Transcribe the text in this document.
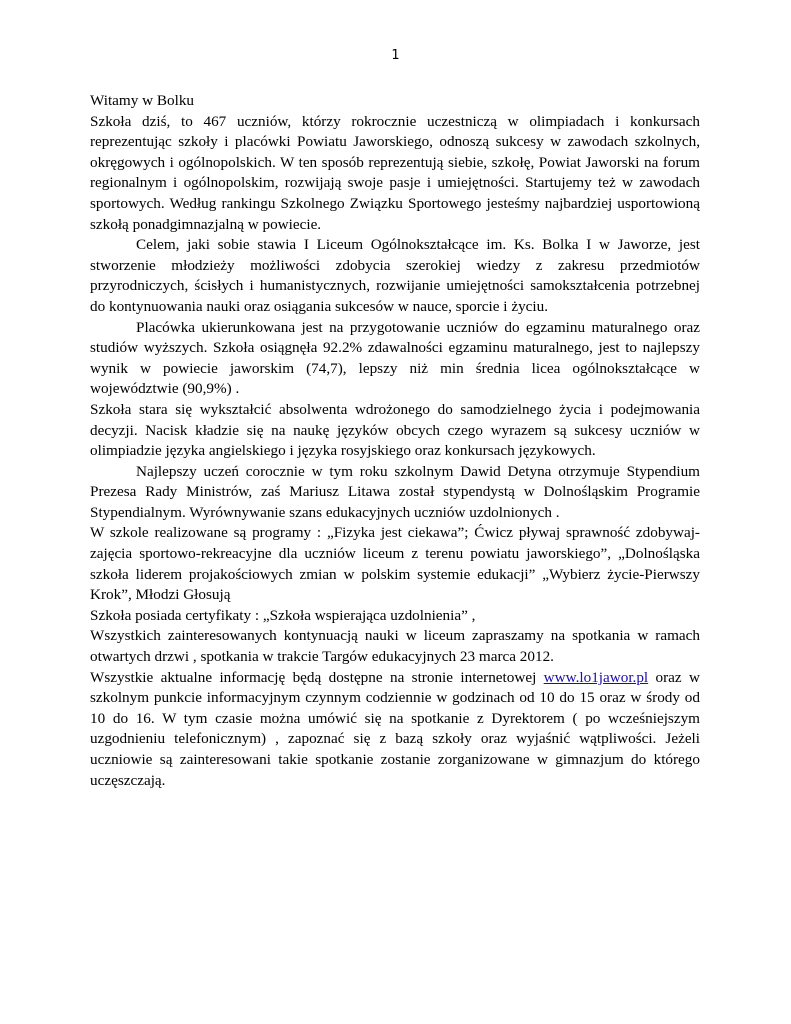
1

Witamy w Bolku

Szkoła dziś, to 467 uczniów, którzy rokrocznie uczestniczą w olimpiadach i konkursach reprezentując szkoły i placówki Powiatu Jaworskiego, odnoszą sukcesy w zawodach szkolnych, okręgowych i ogólnopolskich. W ten sposób reprezentują siebie, szkołę, Powiat Jaworski na forum regionalnym i ogólnopolskim, rozwijają swoje pasje i umiejętności. Startujemy też w zawodach sportowych. Według rankingu Szkolnego Związku Sportowego jesteśmy najbardziej usportowioną szkołą ponadgimnazjalną w powiecie.

Celem, jaki sobie stawia I Liceum Ogólnokształcące im. Ks. Bolka I w Jaworze, jest stworzenie młodzieży możliwości zdobycia szerokiej wiedzy z zakresu przedmiotów przyrodniczych, ścisłych i humanistycznych, rozwijanie umiejętności samokształcenia potrzebnej do kontynuowania nauki oraz osiągania sukcesów w nauce, sporcie i życiu.

Placówka ukierunkowana jest na przygotowanie uczniów do egzaminu maturalnego oraz studiów wyższych. Szkoła osiągnęła 92.2% zdawalności egzaminu maturalnego, jest to najlepszy wynik w powiecie jaworskim (74,7), lepszy niż min średnia licea ogólnokształcące w województwie (90,9%) .

Szkoła stara się wykształcić absolwenta wdrożonego do samodzielnego życia i podejmowania decyzji. Nacisk kładzie się na naukę języków obcych czego wyrazem są sukcesy uczniów w olimpiadzie języka angielskiego i języka rosyjskiego oraz konkursach językowych.

Najlepszy uczeń corocznie w tym roku szkolnym Dawid Detyna otrzymuje Stypendium Prezesa Rady Ministrów, zaś Mariusz Litawa został stypendystą w Dolnośląskim Programie Stypendialnym. Wyrównywanie szans edukacyjnych uczniów uzdolnionych .

W szkole realizowane są programy : „Fizyka jest ciekawa”; Ćwicz pływaj sprawność zdobywaj- zajęcia sportowo-rekreacyjne dla uczniów liceum z terenu powiatu jaworskiego”, „Dolnośląska szkoła liderem projakościowych zmian w polskim systemie edukacji” „Wybierz życie-Pierwszy Krok”, Młodzi Głosują

Szkoła posiada certyfikaty : „Szkoła wspierająca uzdolnienia” ,

Wszystkich zainteresowanych kontynuacją nauki w liceum zapraszamy na spotkania w ramach otwartych drzwi , spotkania w trakcie Targów edukacyjnych 23 marca 2012.

Wszystkie aktualne informację będą dostępne na stronie internetowej www.lo1jawor.pl oraz w szkolnym punkcie informacyjnym czynnym codziennie w godzinach od 10 do 15 oraz w środy od 10 do 16. W tym czasie można umówić się na spotkanie z Dyrektorem ( po wcześniejszym uzgodnieniu telefonicznym) , zapoznać się z bazą szkoły oraz wyjaśnić wątpliwości. Jeżeli uczniowie są zainteresowani takie spotkanie zostanie zorganizowane w gimnazjum do którego uczęszczają.
